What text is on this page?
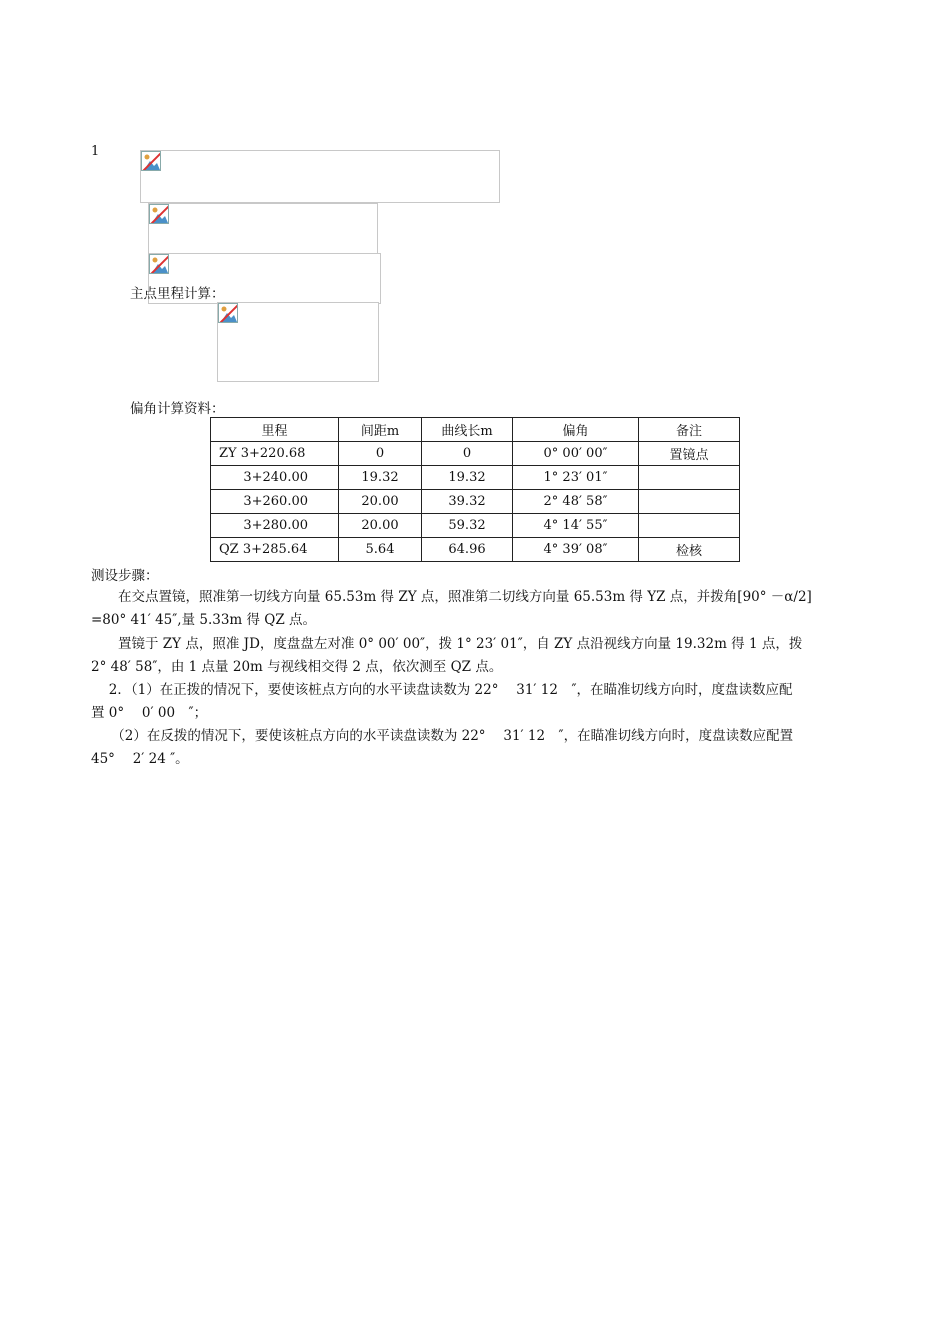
1
主点里程计算：
偏角计算资料：
里程	间距m	曲线长m	偏角	备注
ZY 3+220.68	0	0	0° 00′ 00″	置镜点
3+240.00	19.32	19.32	1° 23′ 01″	
3+260.00	20.00	39.32	2° 48′ 58″	
3+280.00	20.00	59.32	4° 14′ 55″	
QZ 3+285.64	5.64	64.96	4° 39′ 08″	检核
测设步骤：
　　在交点置镜，照准第一切线方向量 65.53m 得 ZY 点，照准第二切线方向量 65.53m 得 YZ 点，并拨角[90° －α/2]
=80° 41′ 45″,量 5.33m 得 QZ 点。
　　置镜于 ZY 点，照准 JD，度盘盘左对准 0° 00′ 00″，拨 1° 23′ 01″，自 ZY 点沿视线方向量 19.32m 得 1 点，拨
2° 48′ 58″，由 1 点量 20m 与视线相交得 2 点，依次测至 QZ 点。
　 2．（1）在正拨的情况下，要使该桩点方向的水平读盘读数为 22°　 31′ 12　″，在瞄准切线方向时，度盘读数应配
置 0°　 0′ 00　″；
　　（2）在反拨的情况下，要使该桩点方向的水平读盘读数为 22°　 31′ 12　″，在瞄准切线方向时，度盘读数应配置
45°　 2′ 24 ″。
